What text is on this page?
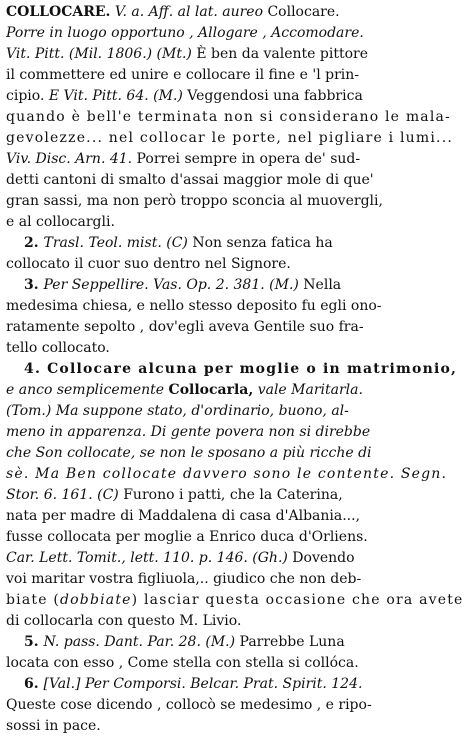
COLLOCARE. V. a. Aff. al lat. aureo Collocare.
Porre in luogo opportuno , Allogare , Accomodare.
Vit. Pitt. (Mil. 1806.) (Mt.) È ben da valente pittore
il commettere ed unire e collocare il fine e 'l prin-
cipio. E Vit. Pitt. 64. (M.) Veggendosi una fabbrica
quando è bell'e terminata non si considerano le mala-
gevolezze... nel collocar le porte, nel pigliare i lumi...
Viv. Disc. Arn. 41. Porrei sempre in opera de' sud-
detti cantoni di smalto d'assai maggior mole di que'
gran sassi, ma non però troppo sconcia al muovergli,
e al collocargli.
2. Trasl. Teol. mist. (C) Non senza fatica ha
collocato il cuor suo dentro nel Signore.
3. Per Seppellire. Vas. Op. 2. 381. (M.) Nella
medesima chiesa, e nello stesso deposito fu egli ono-
ratamente sepolto , dov'egli aveva Gentile suo fra-
tello collocato.
4. Collocare alcuna per moglie o in matrimonio,
e anco semplicemente Collocarla, vale Maritarla.
(Tom.) Ma suppone stato, d'ordinario, buono, al-
meno in apparenza. Di gente povera non si direbbe
che Son collocate, se non le sposano a più ricche di
sè. Ma Ben collocate davvero sono le contente. Segn.
Stor. 6. 161. (C) Furono i patti, che la Caterina,
nata per madre di Maddalena di casa d'Albania...,
fusse collocata per moglie a Enrico duca d'Orliens.
Car. Lett. Tomit., lett. 110. p. 146. (Gh.) Dovendo
voi maritar vostra figliuola,.. giudico che non deb-
biate (dobbiate) lasciar questa occasione che ora avete
di collocarla con questo M. Livio.
5. N. pass. Dant. Par. 28. (M.) Parrebbe Luna
locata con esso , Come stella con stella si collóca.
6. [Val.] Per Comporsi. Belcar. Prat. Spirit. 124.
Queste cose dicendo , collocò se medesimo , e ripo-
sossi in pace.
